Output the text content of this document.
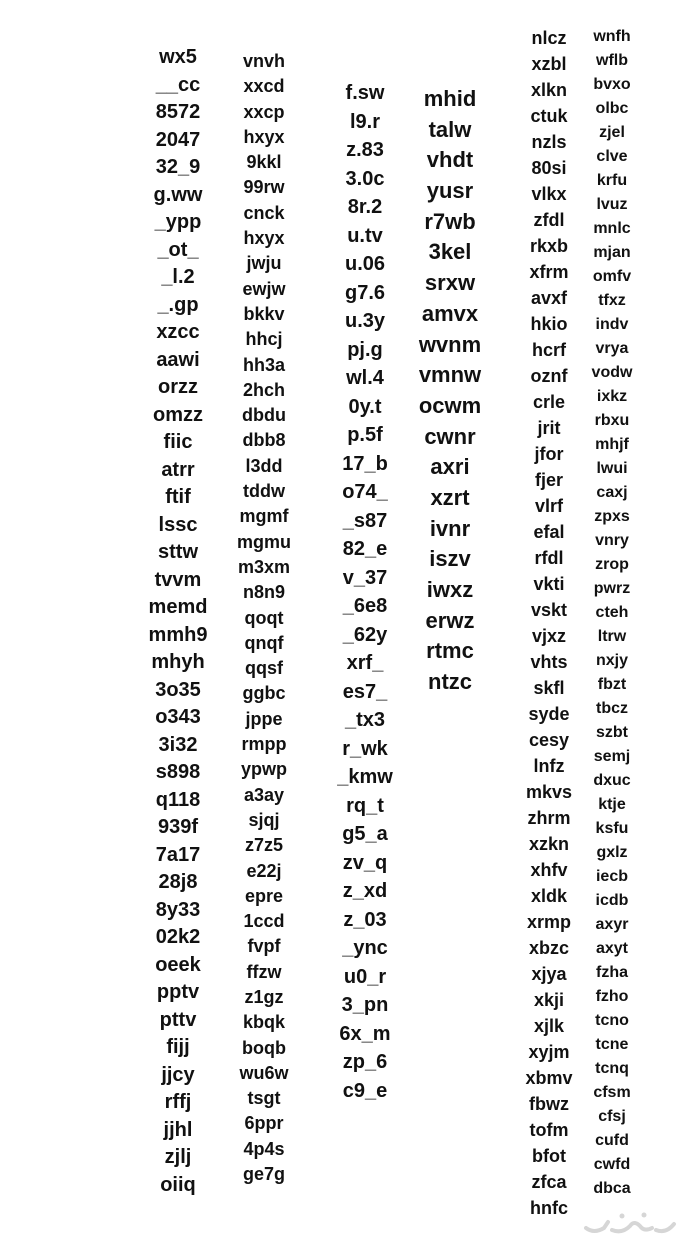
wx5
__cc
8572
2047
32_9
g.ww
_ypp
_ot_
_l.2
_.gp
xzcc
aawi
orzz
omzz
fiic
atrr
ftif
lssc
sttw
tvvm
memd
mmh9
mhyh
3o35
o343
3i32
s898
q118
939f
7a17
28j8
8y33
02k2
oeek
pptv
pttv
fijj
jjcy
rffj
jjhl
zjlj
oiiq
vnvh
xxcd
xxcp
hxyx
9kkl
99rw
cnck
hxyx
jwju
ewjw
bkkv
hhcj
hh3a
2hch
dbdu
dbb8
l3dd
tddw
mgmf
mgmu
m3xm
n8n9
qoqt
qnqf
qqsf
ggbc
jppe
rmpp
ypwp
a3ay
sjqj
z7z5
e22j
epre
1ccd
fvpf
ffzw
z1gz
kbqk
boqb
wu6w
tsgt
6ppr
4p4s
ge7g
f.sw
l9.r
z.83
3.0c
8r.2
u.tv
u.06
g7.6
u.3y
pj.g
wl.4
0y.t
p.5f
17_b
o74_
_s87
82_e
v_37
_6e8
_62y
xrf_
es7_
_tx3
r_wk
_kmw
rq_t
g5_a
zv_q
z_xd
z_03
_ync
u0_r
3_pn
6x_m
zp_6
c9_e
mhid
talw
vhdt
yusr
r7wb
3kel
srxw
amvx
wvnm
vmnw
ocwm
cwnr
axri
xzrt
ivnr
iszv
iwxz
erwz
rtmc
ntzc
nlcz
xzbl
xlkn
ctuk
nzls
80si
vlkx
zfdl
rkxb
xfrm
avxf
hkio
hcrf
oznf
crle
jrit
jfor
fjer
vlrf
efal
rfdl
vkti
vskt
vjxz
vhts
skfl
syde
cesy
lnfz
mkvs
zhrm
xzkn
xhfv
xldk
xrmp
xbzc
xjya
xkji
xjlk
xyjm
xbmv
fbwz
tofm
bfot
zfca
hnfc
wnfh
wflb
bvxo
olbc
zjel
clve
krfu
lvuz
mnlc
mjan
omfv
tfxz
indv
vrya
vodw
ixkz
rbxu
mhjf
lwui
caxj
zpxs
vnry
zrop
pwrz
cteh
ltrw
nxjy
fbzt
tbcz
szbt
semj
dxuc
ktje
ksfu
gxlz
iecb
icdb
axyr
axyt
fzha
fzho
tcno
tcne
tcnq
cfsm
cfsj
cufd
cwfd
dbca
